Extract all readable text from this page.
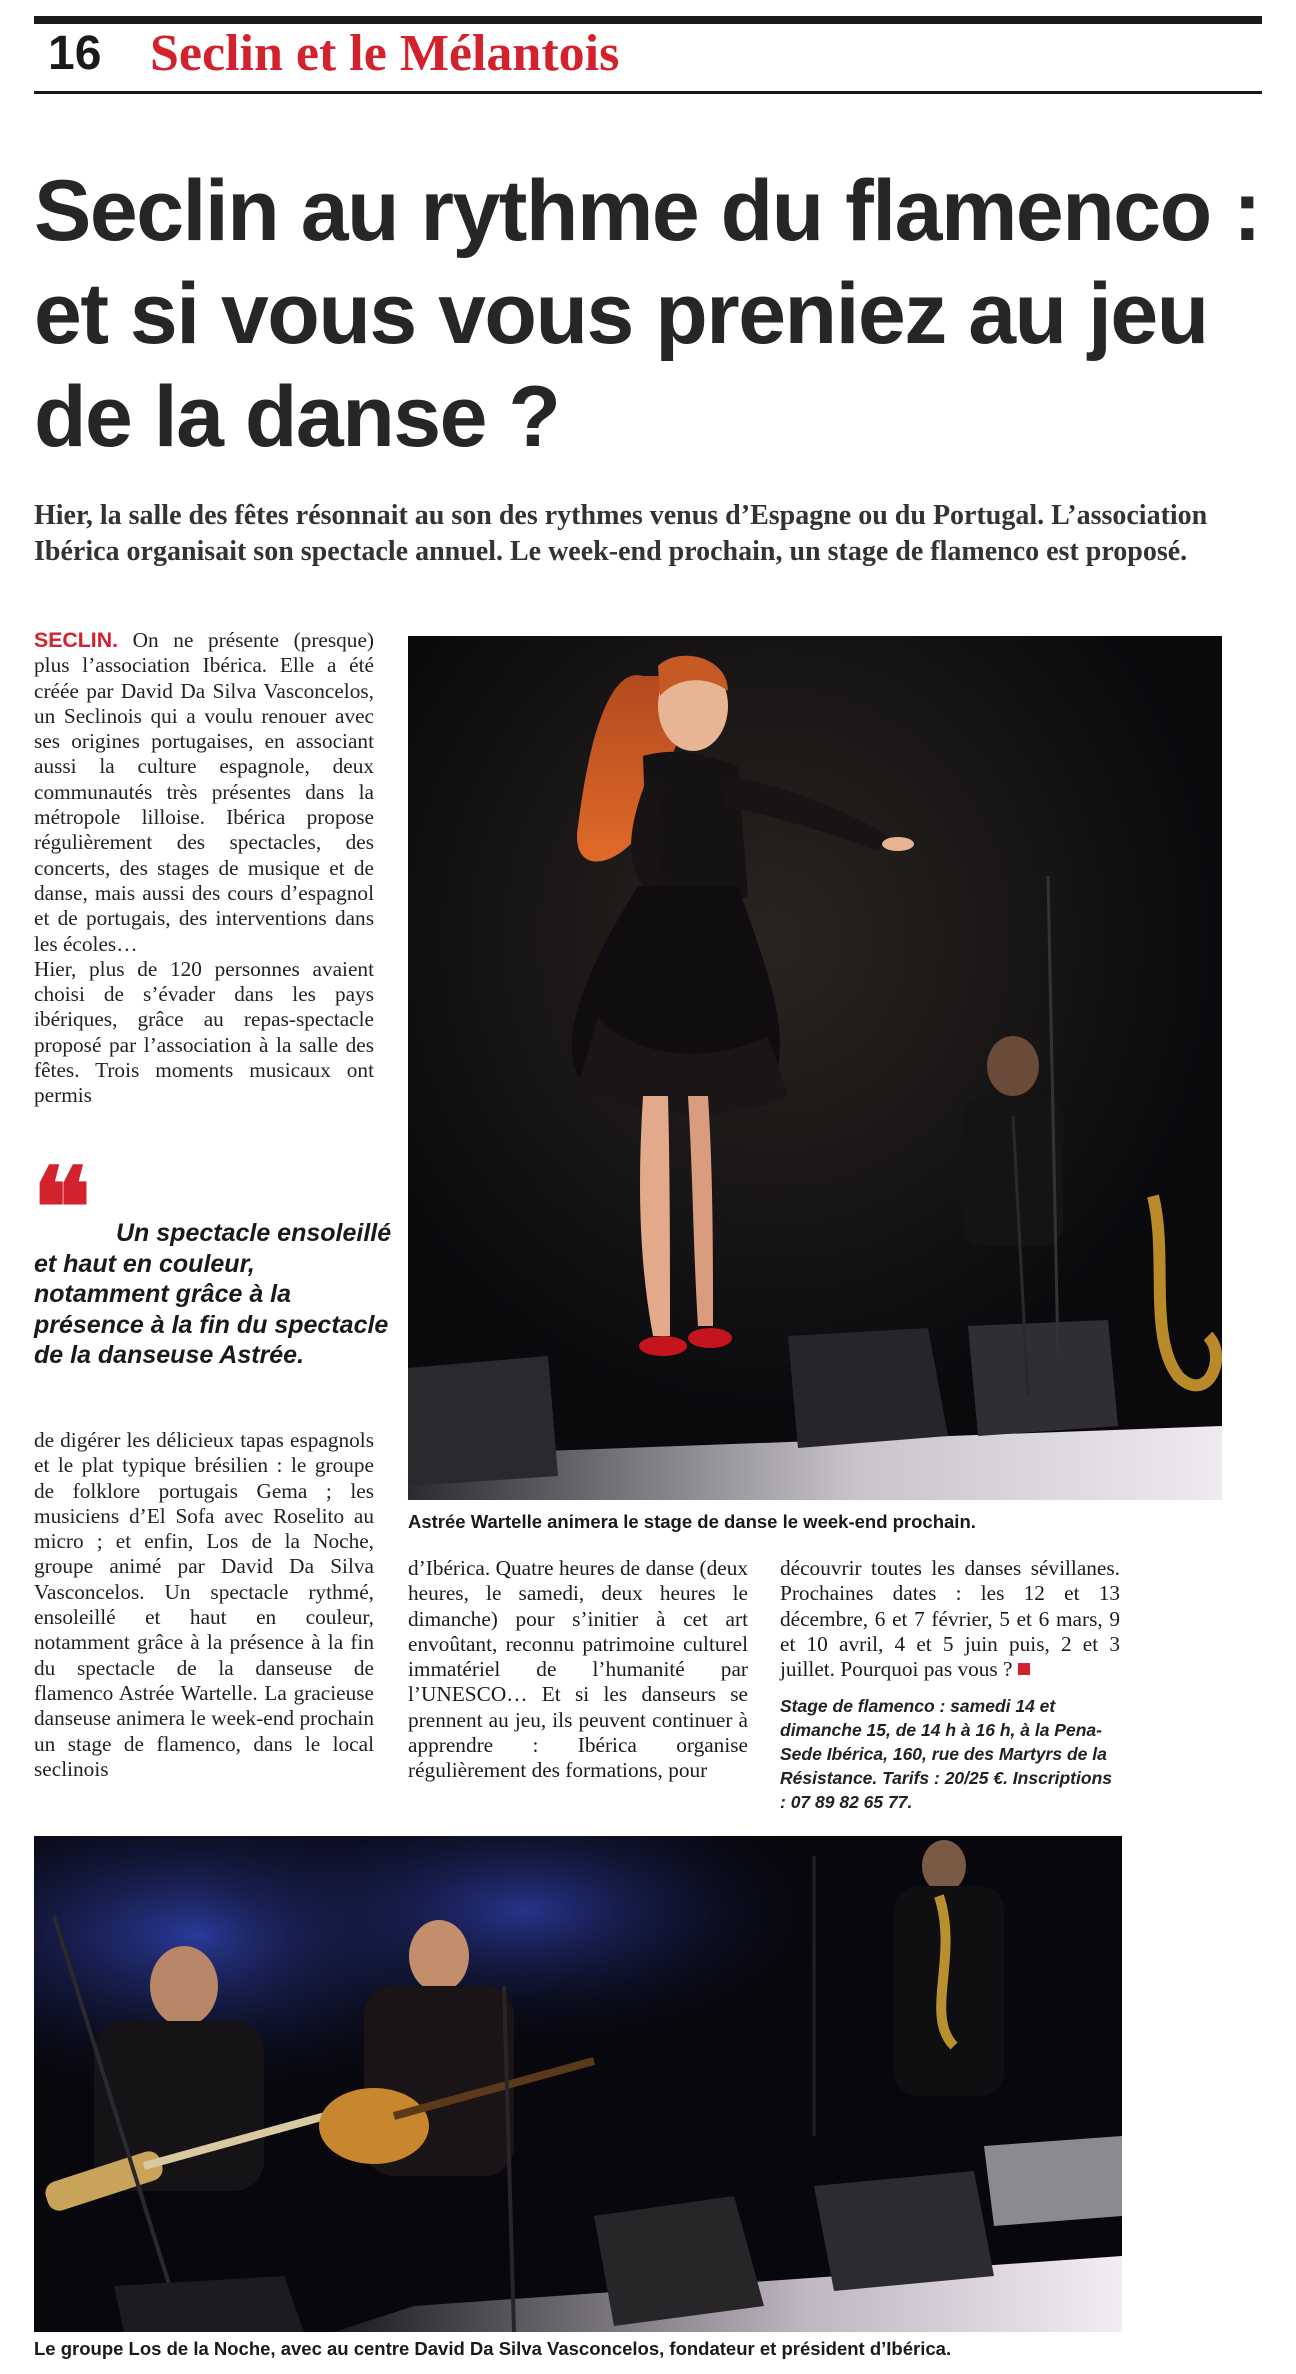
16 Seclin et le Mélantois
Seclin au rythme du flamenco : et si vous vous preniez au jeu de la danse ?
Hier, la salle des fêtes résonnait au son des rythmes venus d’Espagne ou du Portugal. L’association Ibérica organisait son spectacle annuel. Le week-end prochain, un stage de flamenco est proposé.

SECLIN. On ne présente (presque) plus l’association Ibérica. Elle a été créée par David Da Silva Vasconcelos, un Seclinois qui a voulu renouer avec ses origines portugaises, en associant aussi la culture espagnole, deux communautés très présentes dans la métropole lilloise. Ibérica propose régulièrement des spectacles, des concerts, des stages de musique et de danse, mais aussi des cours d’espagnol et de portugais, des interventions dans les écoles…

Hier, plus de 120 personnes avaient choisi de s’évader dans les pays ibériques, grâce au repas-spectacle proposé par l’association à la salle des fêtes. Trois moments musicaux ont permis

❝ Un spectacle ensoleillé et haut en couleur, notamment grâce à la présence à la fin du spectacle de la danseuse Astrée.

de digérer les délicieux tapas espagnols et le plat typique brésilien : le groupe de folklore portugais Gema ; les musiciens d’El Sofa avec Roselito au micro ; et enfin, Los de la Noche, groupe animé par David Da Silva Vasconcelos. Un spectacle rythmé, ensoleillé et haut en couleur, notamment grâce à la présence à la fin du spectacle de la danseuse de flamenco Astrée Wartelle. La gracieuse danseuse animera le week-end prochain un stage de flamenco, dans le local seclinois

Astrée Wartelle animera le stage de danse le week-end prochain.

d’Ibérica. Quatre heures de danse (deux heures, le samedi, deux heures le dimanche) pour s’initier à cet art envoûtant, reconnu patrimoine culturel immatériel de l’humanité par l’UNESCO… Et si les danseurs se prennent au jeu, ils peuvent continuer à apprendre : Ibérica organise régulièrement des formations, pour

découvrir toutes les danses sévillanes. Prochaines dates : les 12 et 13 décembre, 6 et 7 février, 5 et 6 mars, 9 et 10 avril, 4 et 5 juin puis, 2 et 3 juillet. Pourquoi pas vous ?

Stage de flamenco : samedi 14 et dimanche 15, de 14 h à 16 h, à la Pena-Sede Ibérica, 160, rue des Martyrs de la Résistance. Tarifs : 20/25 €. Inscriptions : 07 89 82 65 77.

Le groupe Los de la Noche, avec au centre David Da Silva Vasconcelos, fondateur et président d’Ibérica.
